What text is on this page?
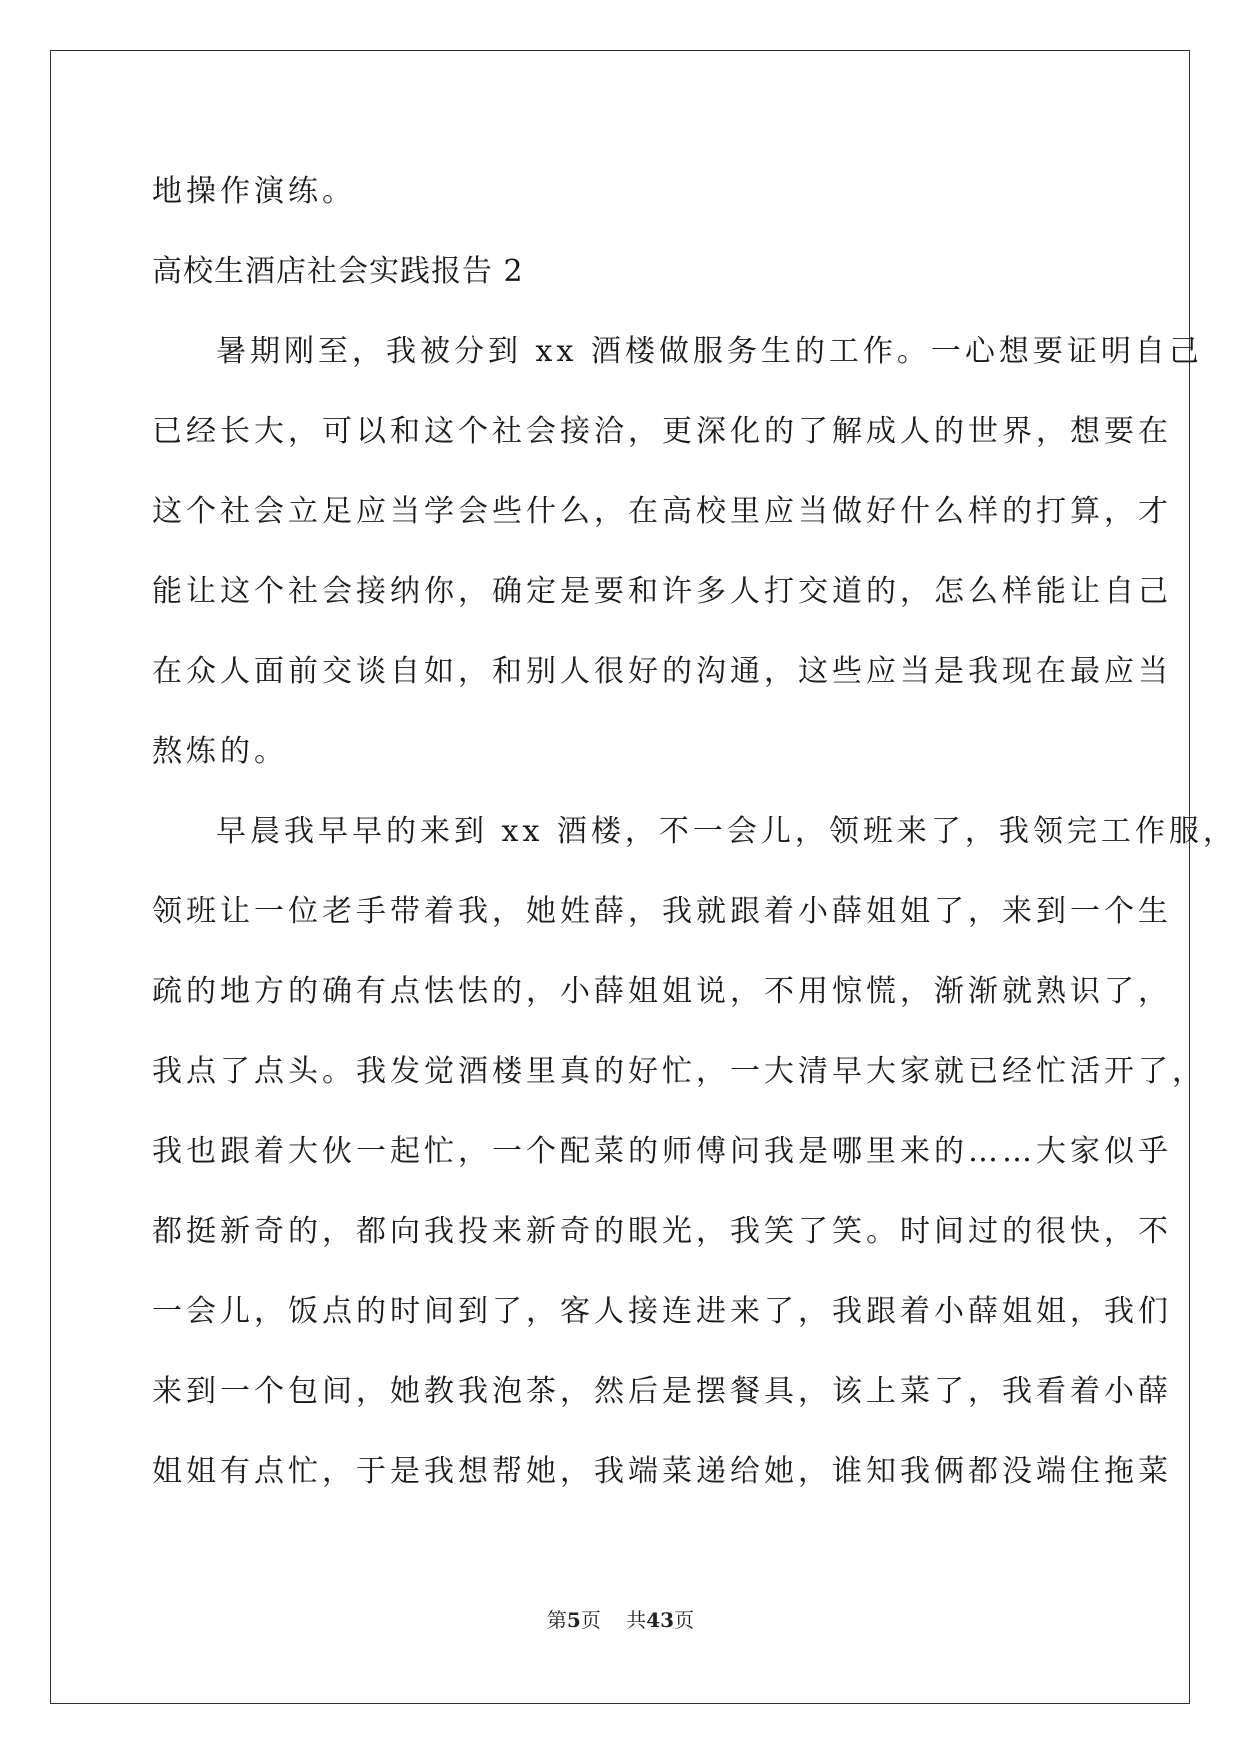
地操作演练。
高校生酒店社会实践报告 2
暑期刚至，我被分到 xx 酒楼做服务生的工作。一心想要证明自己
已经长大，可以和这个社会接洽，更深化的了解成人的世界，想要在
这个社会立足应当学会些什么，在高校里应当做好什么样的打算，才
能让这个社会接纳你，确定是要和许多人打交道的，怎么样能让自己
在众人面前交谈自如，和别人很好的沟通，这些应当是我现在最应当
熬炼的。
早晨我早早的来到 xx 酒楼，不一会儿，领班来了，我领完工作服，
领班让一位老手带着我，她姓薛，我就跟着小薛姐姐了，来到一个生
疏的地方的确有点怯怯的，小薛姐姐说，不用惊慌，渐渐就熟识了，
我点了点头。我发觉酒楼里真的好忙，一大清早大家就已经忙活开了，
我也跟着大伙一起忙，一个配菜的师傅问我是哪里来的……大家似乎
都挺新奇的，都向我投来新奇的眼光，我笑了笑。时间过的很快，不
一会儿，饭点的时间到了，客人接连进来了，我跟着小薛姐姐，我们
来到一个包间，她教我泡茶，然后是摆餐具，该上菜了，我看着小薛
姐姐有点忙，于是我想帮她，我端菜递给她，谁知我俩都没端住拖菜
第5页 共43页
